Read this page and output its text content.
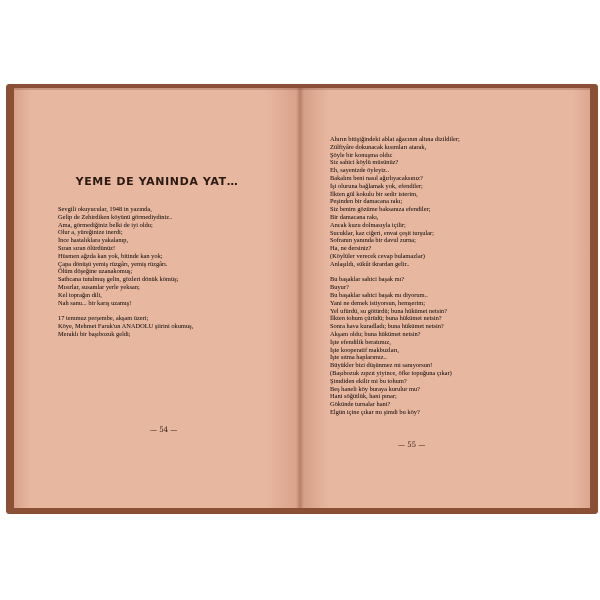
YEME DE YANINDA YAT…
Sevgili okuyucular, 1948 in yazında,
Gelip de Zehirdiken köyünü görmediydiniz..
Ama, görmediğiniz belki de iyi oldu;
Olur a, yüreğinize inerdi;
İnce hastalıklara yakalanıp,
Sıran sıran ölürdünüz!
Hüsmen ağzda kan yok, bitinde kan yok;
Çapa dönüşü yemiş rüzgârı, yemiş rüzgârı.
Ölüm döşeğine uzanakomuş;
Sathcana tutulmuş gelin, gözleri dönük kömüş;
Mısırlar, susamlar yerle yeksan;
Kel toprağın dili,
Nah sanu... bir karış uzamış!
17 temmuz perşembe, akşam üzeri;
Köye, Mehmet Faruk'un ANADOLU şiirini okumuş,
Meraklı bir başıbozuk geldi;
— 54 —
Ahırın bitişiğindeki ablat ağacının altına dizildiler;
Zülfiyâre dokunacak kısımları atarak,
Şöyle bir konuşma oldu:
Siz sahici köylü müsünüz?
Eh, sayenizde öyleyiz..
Bakalım beni nasıl ağırlıyacaksınız?
İşi oluruna bağlamak yok, efendiler;
İlkten gül kokulu bir sedir isterim,
Peşinden bir damacana rakı;
Siz benim gözüme baksanıza efendiler;
Bir damacana rakı,
Ancak kuzu dolmasıyla içilir;
Sucuklar, kaz ciğeri, envai çeşit turşular;
Sofranın yanında bir davul zurna;
Ha, ne dersiniz?
(Köylüler verecek cevap bulamazlar)
Anlaşıldı, sükût ikrardan gelir..
Bu başaklar sahici başak mı?
Buyur?
Bu başaklar sahici başak mı diyorum..
Yani ne demek istiyorsun, hemşerim;
Yel ufürdü, su götürdü; buna hükümet netsin?
İlkten tohum çürüdü; buna hükümet netsin?
Sonra hava kuradladı; buna hükümet netsin?
Akşam oldu; buna hükümet netsin?
İşte efendilik beratımız,
İşte kooperatif makbuzları,
İşte sıtma haplarımız..
Büyükler bizi düşünmez mi sanıyorsun!
(Başıbozuk zıpzıt yiyince, öfke topuğuna çıkar)
Şimdiden ekilir mi bu tohum?
Beş haneli köy buraya kurulur mu?
Hani söğütlük, hani pınar;
Gökünde turnalar hani?
Elgün içine çıkar mı şimdi bu köy?
— 55 —
